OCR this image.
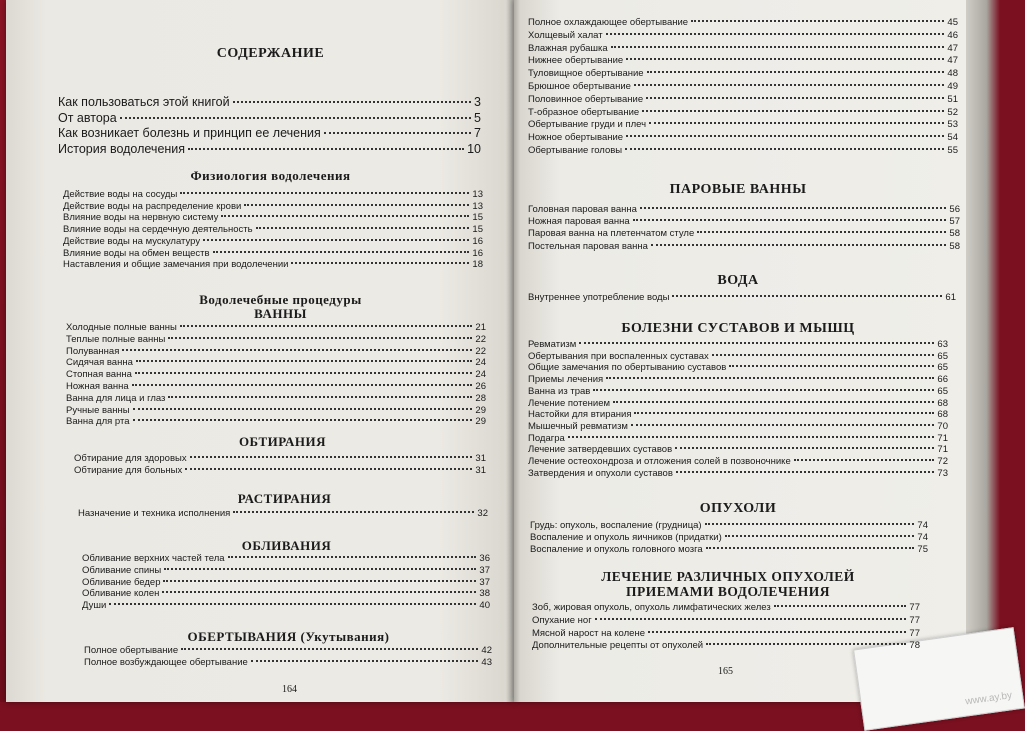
www.ay.by
СОДЕРЖАНИЕ
Как пользоваться этой книгой	3
От автора	5
Как возникает болезнь и принцип ее лечения	7
История водолечения	10
Физиология водолечения
Действие воды на сосуды	13
Действие воды на распределение крови	13
Влияние воды на нервную систему	15
Влияние воды на сердечную деятельность	15
Действие воды на мускулатуру	16
Влияние воды на обмен веществ	16
Наставления и общие замечания при водолечении	18
Водолечебные процедуры
ВАННЫ
Холодные полные ванны	21
Теплые полные ванны	22
Полуванная	22
Сидячая ванна	24
Стопная ванна	24
Ножная ванна	26
Ванна для лица и глаз	28
Ручные ванны	29
Ванна для рта	29
ОБТИРАНИЯ
Обтирание для здоровых	31
Обтирание для больных	31
РАСТИРАНИЯ
Назначение и техника исполнения	32
ОБЛИВАНИЯ
Обливание верхних частей тела	36
Обливание спины	37
Обливание бедер	37
Обливание колен	38
Души	40
ОБЕРТЫВАНИЯ (Укутывания)
Полное обертывание	42
Полное возбуждающее обертывание	43
164
Полное охлаждающее обертывание	45
Холщевый халат	46
Влажная рубашка	47
Нижнее обертывание	47
Туловищное обертывание	48
Брюшное обертывание	49
Половинное обертывание	51
Т-образное обертывание	52
Обертывание груди и плеч	53
Ножное обертывание	54
Обертывание головы	55
ПАРОВЫЕ ВАННЫ
Головная паровая ванна	56
Ножная паровая ванна	57
Паровая ванна на плетенчатом стуле	58
Постельная паровая ванна	58
ВОДА
Внутреннее употребление воды	61
БОЛЕЗНИ СУСТАВОВ И МЫШЦ
Ревматизм	63
Обертывания при воспаленных суставах	65
Общие замечания по обертыванию суставов	65
Приемы лечения	66
Ванна из трав	65
Лечение потением	68
Настойки для втирания	68
Мышечный ревматизм	70
Подагра	71
Лечение затвердевших суставов	71
Лечение остеохондроза и отложения солей в позвоночнике	72
Затвердения и опухоли суставов	73
ОПУХОЛИ
Грудь: опухоль, воспаление (грудница)	74
Воспаление и опухоль яичников (придатки)	74
Воспаление и опухоль головного мозга	75
ЛЕЧЕНИЕ РАЗЛИЧНЫХ ОПУХОЛЕЙ
ПРИЕМАМИ ВОДОЛЕЧЕНИЯ
Зоб, жировая опухоль, опухоль лимфатических желез	77
Опухание ног	77
Мясной нарост на колене	77
Дополнительные рецепты от опухолей	78
165
